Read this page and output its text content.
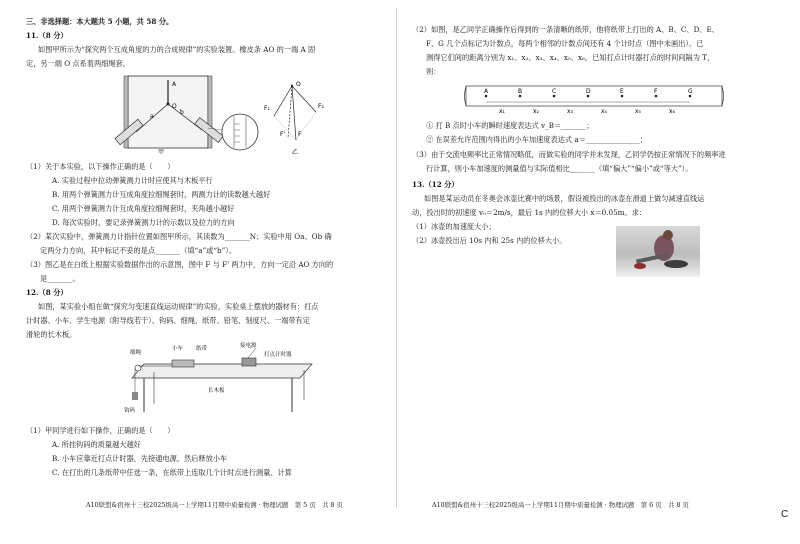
三、非选择题：本大题共 5 小题，共 58 分。
11.（8 分）
如图甲所示为“探究两个互成角度的力的合成规律”的实验装置。橡皮条 AO 的一端 A 固
定，另一端 O 点系着两细绳套。
A
O
a
b
甲
O
F₁	F₂
F
F'
乙
（1）关于本实验，以下操作正确的是（　　）
A. 实验过程中拉动弹簧测力计时应使其与木板平行
B. 用两个弹簧测力计互成角度拉细绳套时，两测力计的读数越大越好
C. 用两个弹簧测力计互成角度拉细绳套时，夹角越小越好
D. 每次实验时，要记录弹簧测力计的示数以及拉力的方向
（2）某次实验中，弹簧测力计指针位置如图甲所示，其读数为_______N；实验中用 Oa、Ob 确
定两分力方向，其中标记不妥的是点_______（填“a”或“b”）。
（3）图乙是在白纸上根据实验数据作出的示意图，图中 F 与 F' 两力中，方向一定沿 AO 方向的
是_______。
12.（8 分）
如图，某实验小组在做“探究匀变速直线运动规律”的实验，实验桌上摆放的器材有：打点
计时器、小车、学生电源（附导线若干）、钩码、细绳、纸带、铅笔、刻度尺、一端带有定
滑轮的长木板。
细绳
小车 纸带	接电源
打点计时器
钩码
长木板
（1）甲同学进行如下操作，正确的是（　　）
A. 所挂钩码的质量越大越好
B. 小车应靠近打点计时器，先接通电源，然后释放小车
C. 在打出的几条纸带中任选一条，在纸带上连取几个计时点进行测量、计算
A10联盟&宿州十三校2025级高一上学期11月期中质量检测 · 物理试题　第 5 页　共 8 页
（2）如图，是乙同学正确操作后得到的一条清晰的纸带，他将纸带上打出的 A、B、C、D、E、
F、G 几个点标记为计数点，每两个相邻的计数点间还有 4 个计时点（图中未画出）。已
测得它们间的距离分别为 x₁、x₂、x₃、x₄、x₅、x₆，已知打点计时器打点的时间间隔为 T，
则：
A	B	C	D	E	F	G
x₁	x₂	x₃	x₄	x₅	x₆
① 打 B 点时小车的瞬时速度表达式 v_B＝_______；
② 在误差允许范围内得出的小车加速度表达式 a＝_______________；
（3）由于交流电频率比正常情况略低，而做实验的同学并未发现，乙同学仍按正常情况下的频率进
行计算，则小车加速度的测量值与实际值相比_______（填“偏大”“偏小”或“等大”）。
13.（12 分）
如图是某运动员在冬奥会冰壶比赛中的场景，假设被投出的冰壶在滑道上做匀减速直线运
动，投出时的初速度 v₀＝2m/s，最后 1s 内的位移大小 x＝0.05m。求：
（1）冰壶的加速度大小；
（2）冰壶投出后 10s 内和 25s 内的位移大小。
A10联盟&宿州十三校2025级高一上学期11月期中质量检测 · 物理试题　第 6 页　共 8 页
C
